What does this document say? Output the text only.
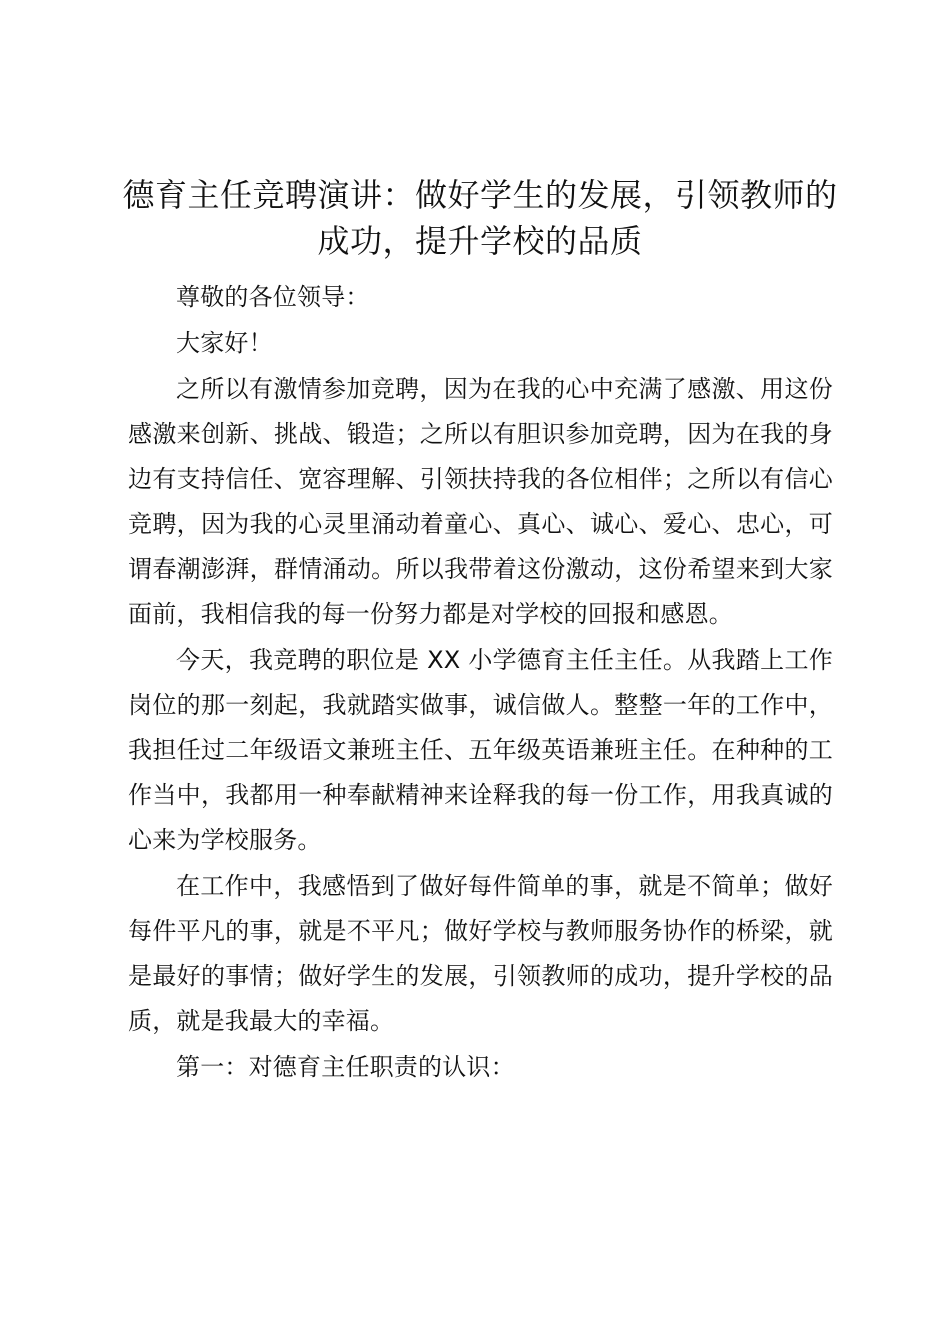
德育主任竞聘演讲：做好学生的发展，引领教师的成功，提升学校的品质

尊敬的各位领导：

大家好！

之所以有激情参加竞聘，因为在我的心中充满了感激、用这份感激来创新、挑战、锻造；之所以有胆识参加竞聘，因为在我的身边有支持信任、宽容理解、引领扶持我的各位相伴；之所以有信心竞聘，因为我的心灵里涌动着童心、真心、诚心、爱心、忠心，可谓春潮澎湃，群情涌动。所以我带着这份激动，这份希望来到大家面前，我相信我的每一份努力都是对学校的回报和感恩。

今天，我竞聘的职位是 XX 小学德育主任主任。从我踏上工作岗位的那一刻起，我就踏实做事，诚信做人。整整一年的工作中，我担任过二年级语文兼班主任、五年级英语兼班主任。在种种的工作当中，我都用一种奉献精神来诠释我的每一份工作，用我真诚的心来为学校服务。

在工作中，我感悟到了做好每件简单的事，就是不简单；做好每件平凡的事，就是不平凡；做好学校与教师服务协作的桥梁，就是最好的事情；做好学生的发展，引领教师的成功，提升学校的品质，就是我最大的幸福。

第一：对德育主任职责的认识：
